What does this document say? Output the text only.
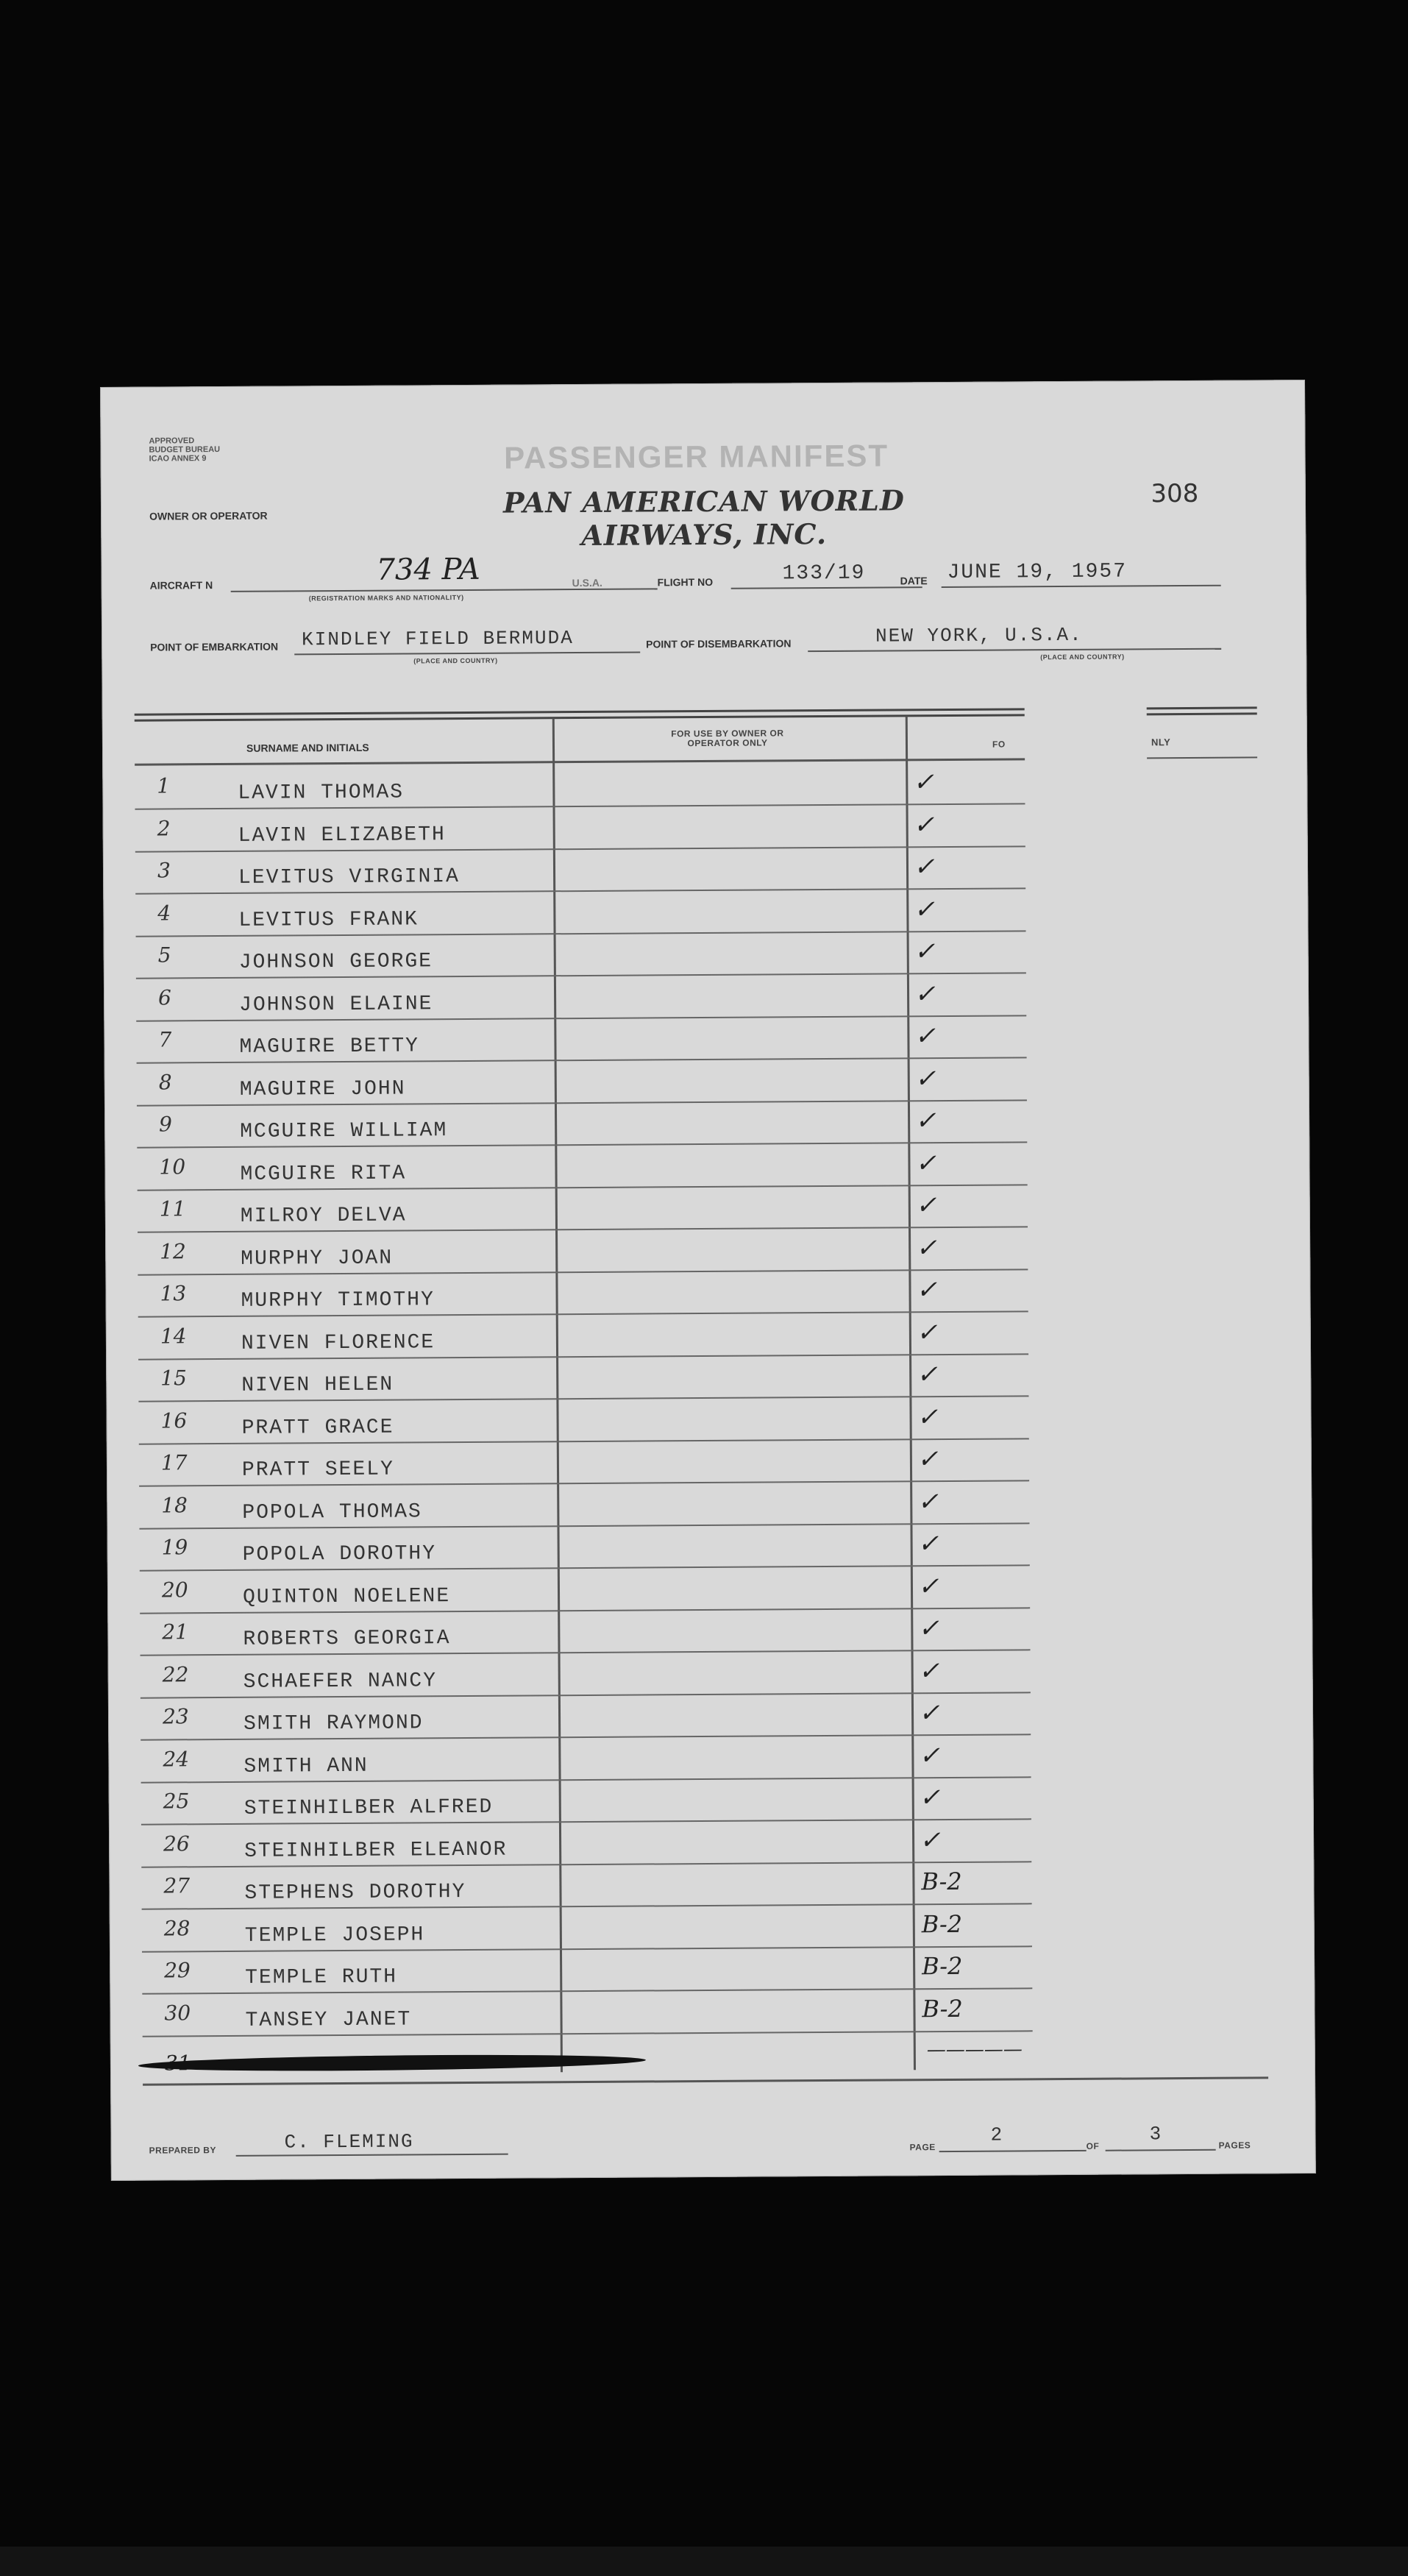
APPROVED
BUDGET BUREAU
ICAO ANNEX 9	PASSENGER MANIFEST
PAN AMERICAN WORLD AIRWAYS, INC.
308
OWNER OR OPERATOR
AIRCRAFT N	734 PA
(REGISTRATION MARKS AND NATIONALITY)
U.S.A.	FLIGHT NO	133/19	DATE JUNE 19, 1957
POINT OF EMBARKATION KINDLEY FIELD BERMUDA
(PLACE AND COUNTRY)
POINT OF DISEMBARKATION	NEW YORK, U.S.A.
(PLACE AND COUNTRY)
SURNAME AND INITIALS
FOR USE BY OWNER OR OPERATOR ONLY	FO	NLY
1	LAVIN THOMAS	✓
2	LAVIN ELIZABETH	✓
3	LEVITUS VIRGINIA	✓
4	LEVITUS FRANK	✓
5	JOHNSON GEORGE	✓
6	JOHNSON ELAINE	✓
7	MAGUIRE BETTY	✓
8	MAGUIRE JOHN	✓
9	MCGUIRE WILLIAM	✓
10	MCGUIRE RITA	✓
11	MILROY DELVA	✓
12	MURPHY JOAN	✓
13	MURPHY TIMOTHY	✓
14	NIVEN FLORENCE	✓
15	NIVEN HELEN	✓
16	PRATT GRACE	✓
17	PRATT SEELY	✓
18	POPOLA THOMAS	✓
19	POPOLA DOROTHY	✓
20	QUINTON NOELENE	✓
21	ROBERTS GEORGIA	✓
22	SCHAEFER NANCY	✓
23	SMITH RAYMOND	✓
24	SMITH ANN	✓
25	STEINHILBER ALFRED	✓
26	STEINHILBER ELEANOR	✓
27	STEPHENS DOROTHY	B-2
28	TEMPLE JOSEPH	B-2
29	TEMPLE RUTH	B-2
30	TANSEY JANET	B-2
—————
PREPARED BY	C. FLEMING	PAGE
2
OF
3
PAGES
